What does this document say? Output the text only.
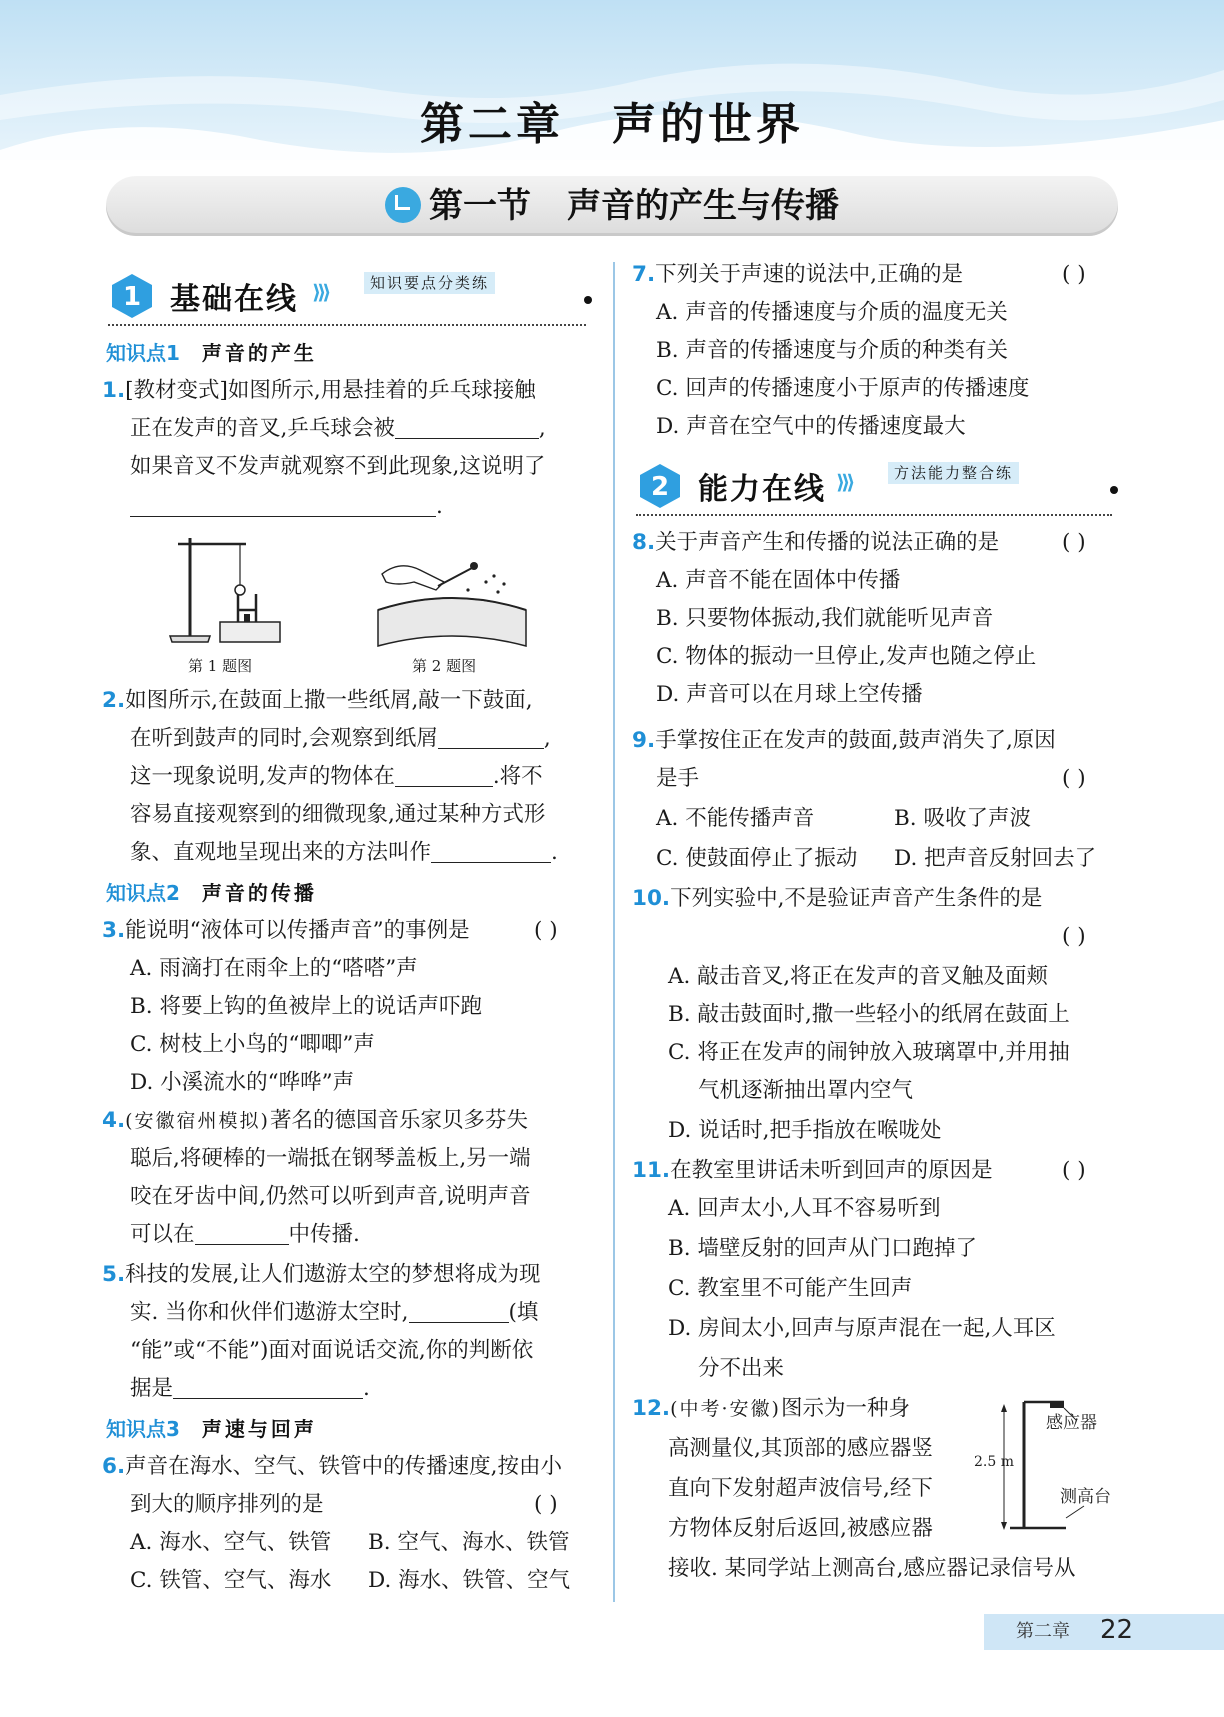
第二章 声的世界
第一节 声音的产生与传播
1 基础在线 ⟩⟩⟩	知识要点分类练
知识点1 声音的产生
1.[教材变式]如图所示,用悬挂着的乒乓球接触
正在发声的音叉,乒乓球会被	,
如果音叉不发声就观察不到此现象,这说明了
.
第 1 题图	第 2 题图
2.如图所示,在鼓面上撒一些纸屑,敲一下鼓面,
在听到鼓声的同时,会观察到纸屑	,
这一现象说明,发声的物体在	.将不
容易直接观察到的细微现象,通过某种方式形
象、直观地呈现出来的方法叫作	.
知识点2 声音的传播
3.能说明“液体可以传播声音”的事例是	( )
A. 雨滴打在雨伞上的“嗒嗒”声
B. 将要上钩的鱼被岸上的说话声吓跑
C. 树枝上小鸟的“唧唧”声
D. 小溪流水的“哗哗”声
4.(安徽宿州模拟)著名的德国音乐家贝多芬失
聪后,将硬棒的一端抵在钢琴盖板上,另一端
咬在牙齿中间,仍然可以听到声音,说明声音
可以在	中传播.
5.科技的发展,让人们遨游太空的梦想将成为现
实. 当你和伙伴们遨游太空时,	(填
“能”或“不能”)面对面说话交流,你的判断依
据是	.
知识点3 声速与回声
6.声音在海水、空气、铁管中的传播速度,按由小
到大的顺序排列的是	( )
A. 海水、空气、铁管 B. 空气、海水、铁管
C. 铁管、空气、海水 D. 海水、铁管、空气
7.下列关于声速的说法中,正确的是	( )
A. 声音的传播速度与介质的温度无关
B. 声音的传播速度与介质的种类有关
C. 回声的传播速度小于原声的传播速度
D. 声音在空气中的传播速度最大
2 能力在线 ⟩⟩⟩	方法能力整合练
8.关于声音产生和传播的说法正确的是	( )
A. 声音不能在固体中传播
B. 只要物体振动,我们就能听见声音
C. 物体的振动一旦停止,发声也随之停止
D. 声音可以在月球上空传播
9.手掌按住正在发声的鼓面,鼓声消失了,原因
是手	( )
A. 不能传播声音	B. 吸收了声波
C. 使鼓面停止了振动 D. 把声音反射回去了
10.下列实验中,不是验证声音产生条件的是
( )
A. 敲击音叉,将正在发声的音叉触及面颊
B. 敲击鼓面时,撒一些轻小的纸屑在鼓面上
C. 将正在发声的闹钟放入玻璃罩中,并用抽
气机逐渐抽出罩内空气
D. 说话时,把手指放在喉咙处
11.在教室里讲话未听到回声的原因是	( )
A. 回声太小,人耳不容易听到
B. 墙壁反射的回声从门口跑掉了
C. 教室里不可能产生回声
D. 房间太小,回声与原声混在一起,人耳区
分不出来
12.(中考·安徽)图示为一种身
高测量仪,其顶部的感应器竖
直向下发射超声波信号,经下
方物体反射后返回,被感应器
接收. 某同学站上测高台,感应器记录信号从
感应器
2.5 m
测高台
第二章 22
